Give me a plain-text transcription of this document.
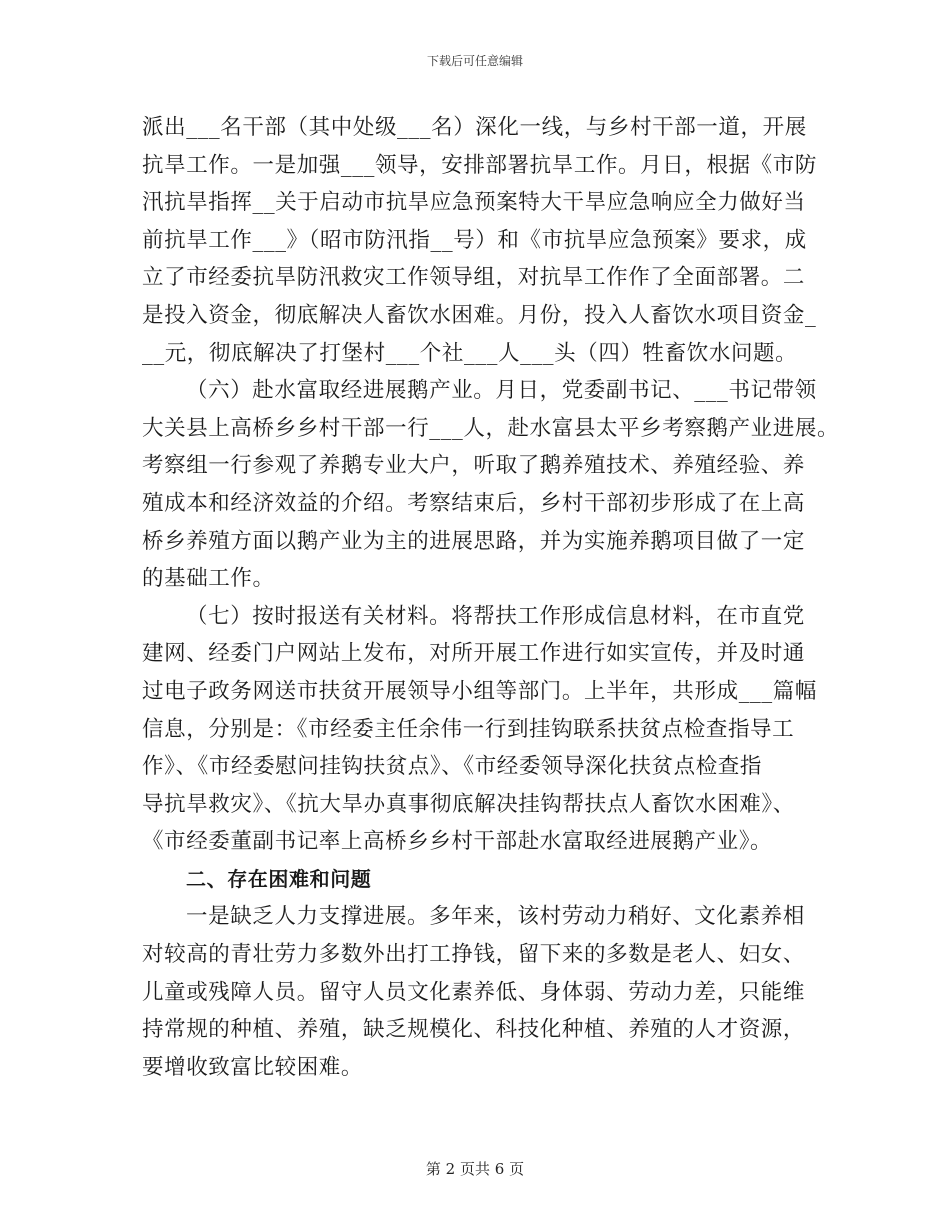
下载后可任意编辑
派出___名干部（其中处级___名）深化一线，与乡村干部一道，开展
抗旱工作。一是加强___领导，安排部署抗旱工作。月日，根据《市防
汛抗旱指挥__关于启动市抗旱应急预案特大干旱应急响应全力做好当
前抗旱工作___》（昭市防汛指__号）和《市抗旱应急预案》要求，成
立了市经委抗旱防汛救灾工作领导组，对抗旱工作作了全面部署。二
是投入资金，彻底解决人畜饮水困难。月份，投入人畜饮水项目资金_
__元，彻底解决了打堡村___个社___人___头（四）牲畜饮水问题。
（六）赴水富取经进展鹅产业。月日，党委副书记、___书记带领
大关县上高桥乡乡村干部一行___人，赴水富县太平乡考察鹅产业进展。
考察组一行参观了养鹅专业大户，听取了鹅养殖技术、养殖经验、养
殖成本和经济效益的介绍。考察结束后，乡村干部初步形成了在上高
桥乡养殖方面以鹅产业为主的进展思路，并为实施养鹅项目做了一定
的基础工作。
（七）按时报送有关材料。将帮扶工作形成信息材料，在市直党
建网、经委门户网站上发布，对所开展工作进行如实宣传，并及时通
过电子政务网送市扶贫开展领导小组等部门。上半年，共形成___篇幅
信息，分别是：《市经委主任余伟一行到挂钩联系扶贫点检查指导工
作》、《市经委慰问挂钩扶贫点》、《市经委领导深化扶贫点检查指
导抗旱救灾》、《抗大旱办真事彻底解决挂钩帮扶点人畜饮水困难》、
《市经委董副书记率上高桥乡乡村干部赴水富取经进展鹅产业》。
二、存在困难和问题
一是缺乏人力支撑进展。多年来，该村劳动力稍好、文化素养相
对较高的青壮劳力多数外出打工挣钱，留下来的多数是老人、妇女、
儿童或残障人员。留守人员文化素养低、身体弱、劳动力差，只能维
持常规的种植、养殖，缺乏规模化、科技化种植、养殖的人才资源，
要增收致富比较困难。
第 2 页共 6 页
